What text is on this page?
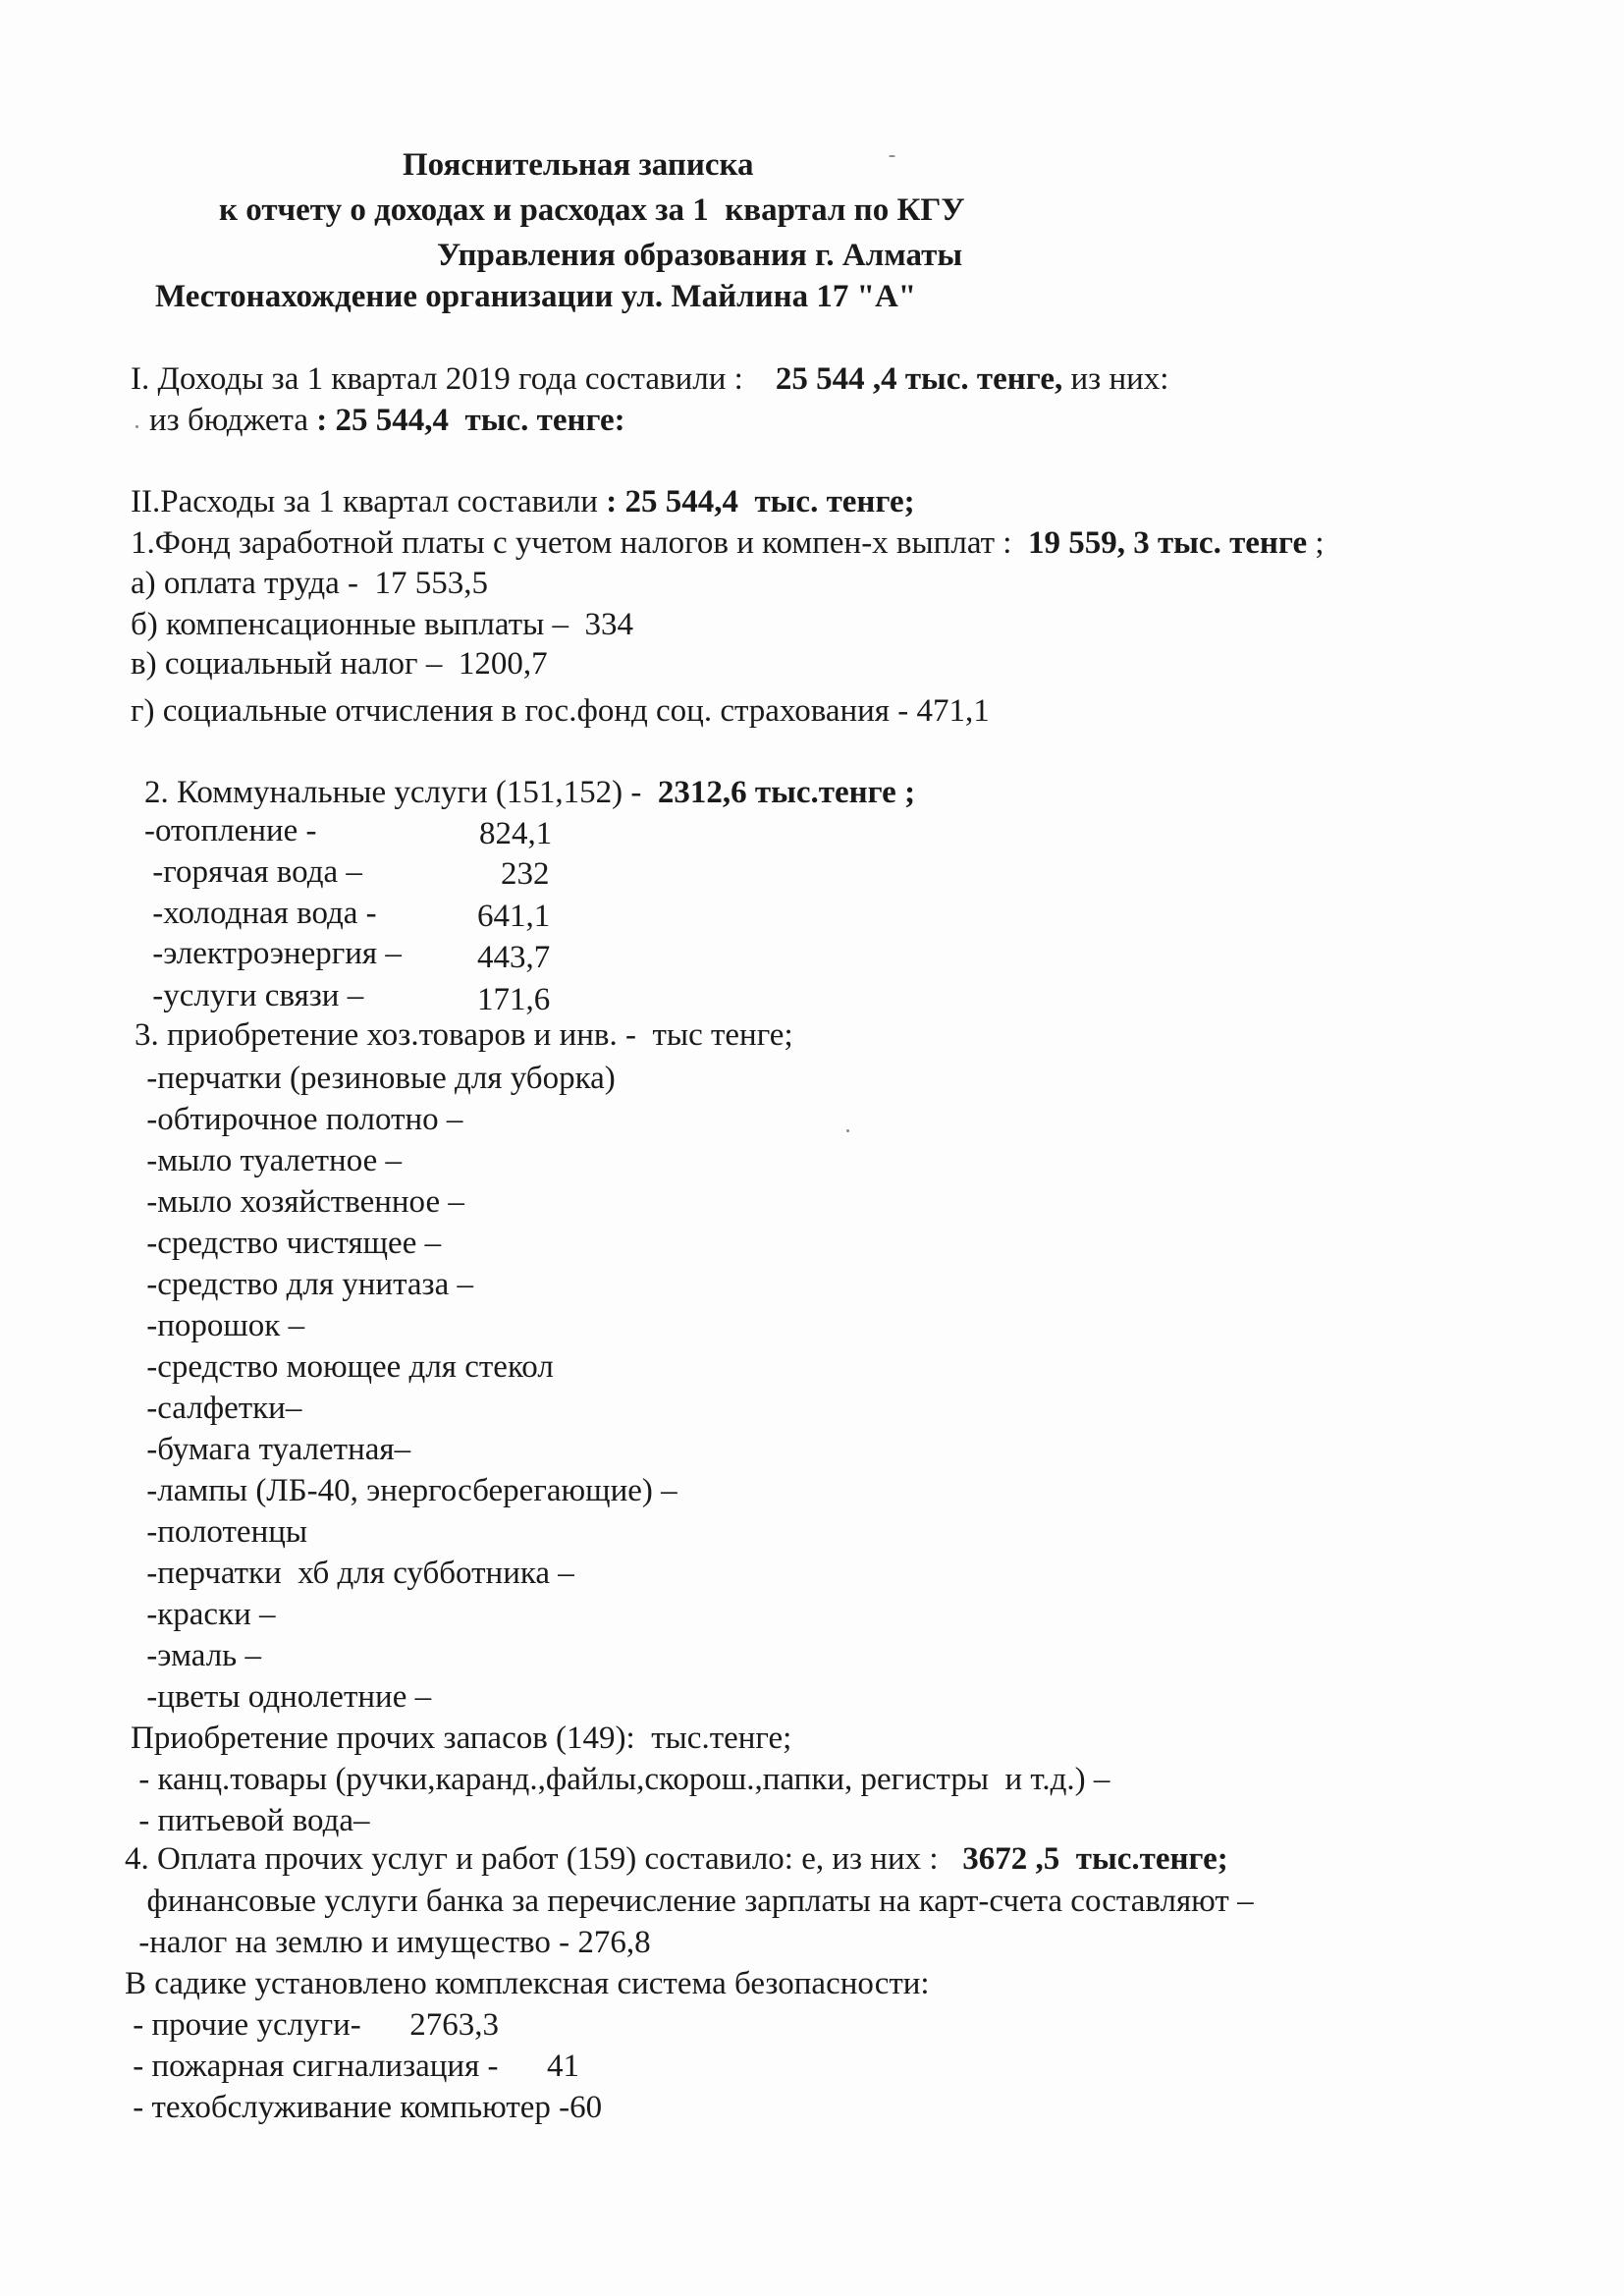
Пояснительная записка
к отчету о доходах и расходах за 1  квартал по КГУ
Управления образования г. Алматы
Местонахождение организации ул. Майлина 17 "А"
I. Доходы за 1 квартал 2019 года составили :    25 544 ,4 тыс. тенге, из них:
из бюджета : 25 544,4  тыс. тенге:
II.Расходы за 1 квартал составили : 25 544,4  тыс. тенге;
1.Фонд заработной платы с учетом налогов и компен-х выплат :  19 559, 3 тыс. тенге ;
а) оплата труда -  17 553,5
б) компенсационные выплаты –  334
в) социальный налог –  1200,7
г) социальные отчисления в гос.фонд соц. страхования - 471,1
2. Коммунальные услуги (151,152) -  2312,6 тыс.тенге ;
-отопление -	824,1
-горячая вода –	232
-холодная вода -	641,1
-электроэнергия – 443,7
-услуги связи –	171,6
3. приобретение хоз.товаров и инв. -  тыс тенге;
-перчатки (резиновые для уборка)
-обтирочное полотно –
-мыло туалетное –
-мыло хозяйственное –
-средство чистящее –
-средство для унитаза –
-порошок –
-средство моющее для стекол
-салфетки–
-бумага туалетная–
-лампы (ЛБ-40, энергосберегающие) –
-полотенцы
-перчатки  хб для субботника –
-краски –
-эмаль –
-цветы однолетние –
Приобретение прочих запасов (149):  тыс.тенге;
- канц.товары (ручки,каранд.,файлы,скорош.,папки, регистры  и т.д.) –
- питьевой вода–
4. Оплата прочих услуг и работ (159) составило: е, из них :   3672 ,5  тыс.тенге;
финансовые услуги банка за перечисление зарплаты на карт-счета составляют –
-налог на землю и имущество - 276,8
В садике установлено комплексная система безопасности:
- прочие услуги-      2763,3
- пожарная сигнализация -      41
- техобслуживание компьютер -60
